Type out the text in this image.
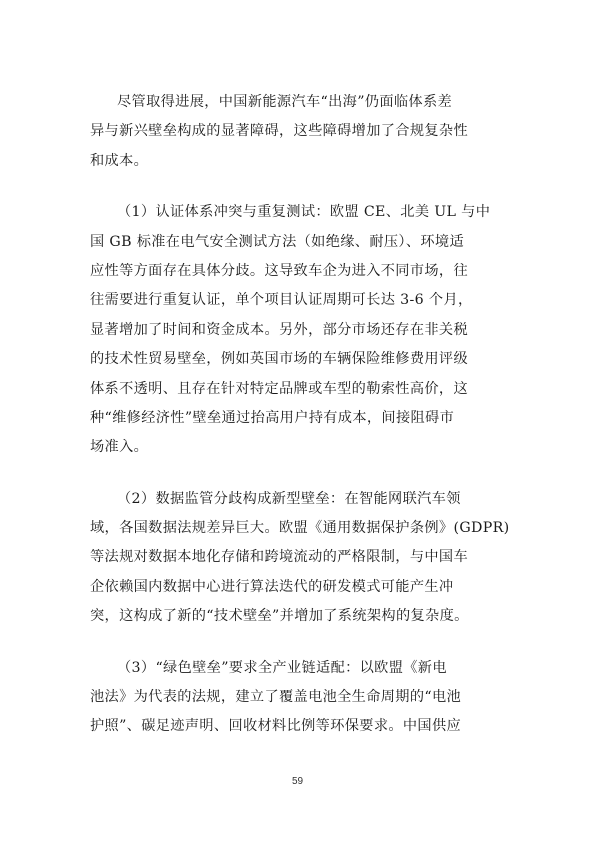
尽管取得进展，中国新能源汽车“出海”仍面临体系差
异与新兴壁垒构成的显著障碍，这些障碍增加了合规复杂性
和成本。
（1）认证体系冲突与重复测试：欧盟 CE、北美 UL 与中
国 GB 标准在电气安全测试方法（如绝缘、耐压）、环境适
应性等方面存在具体分歧。这导致车企为进入不同市场，往
往需要进行重复认证，单个项目认证周期可长达 3-6 个月，
显著增加了时间和资金成本。另外，部分市场还存在非关税
的技术性贸易壁垒，例如英国市场的车辆保险维修费用评级
体系不透明、且存在针对特定品牌或车型的勒索性高价，这
种“维修经济性”壁垒通过抬高用户持有成本，间接阻碍市
场准入。
（2）数据监管分歧构成新型壁垒：在智能网联汽车领
域，各国数据法规差异巨大。欧盟《通用数据保护条例》(GDPR)
等法规对数据本地化存储和跨境流动的严格限制，与中国车
企依赖国内数据中心进行算法迭代的研发模式可能产生冲
突，这构成了新的“技术壁垒”并增加了系统架构的复杂度。
（3）“绿色壁垒”要求全产业链适配：以欧盟《新电
池法》为代表的法规，建立了覆盖电池全生命周期的“电池
护照”、碳足迹声明、回收材料比例等环保要求。中国供应
59
